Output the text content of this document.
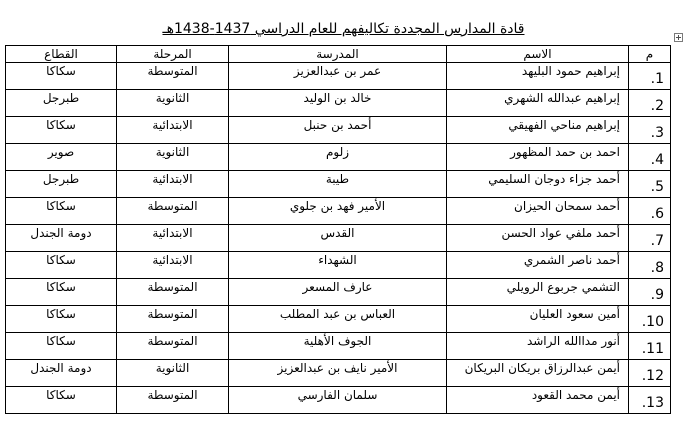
قادة المدارس المجددة تكاليفهم للعام الدراسي 1437-1438هـ
م	الاسم	المدرسة	المرحلة	القطاع
1.	إبراهيم حمود البليهد	عمر بن عبدالعزيز	المتوسطة	سكاكا
2.	إبراهيم عبدالله الشهري	خالد بن الوليد	الثانوية	طبرجل
3.	إبراهيم مناحي الفهيقي	أحمد بن حنبل	الابتدائية	سكاكا
4.	احمد بن حمد المظهور	زلوم	الثانوية	صوير
5.	أحمد جزاء دوجان السليمي	طيبة	الابتدائية	طبرجل
6.	أحمد سمحان الحيزان	الأمير فهد بن جلوي	المتوسطة	سكاكا
7.	أحمد ملفي عواد الحسن	القدس	الابتدائية	دومة الجندل
8.	أحمد ناصر الشمري	الشهداء	الابتدائية	سكاكا
9.	التشمي جربوع الرويلي	عارف المسعر	المتوسطة	سكاكا
10.	أمين سعود العليان	العباس بن عبد المطلب	المتوسطة	سكاكا
11.	أنور مداالله الراشد	الجوف الأهلية	المتوسطة	سكاكا
12.	أيمن عبدالرزاق بريكان البريكان	الأمير نايف بن عبدالعزيز	الثانوية	دومة الجندل
13.	أيمن محمد القعود	سلمان الفارسي	المتوسطة	سكاكا
